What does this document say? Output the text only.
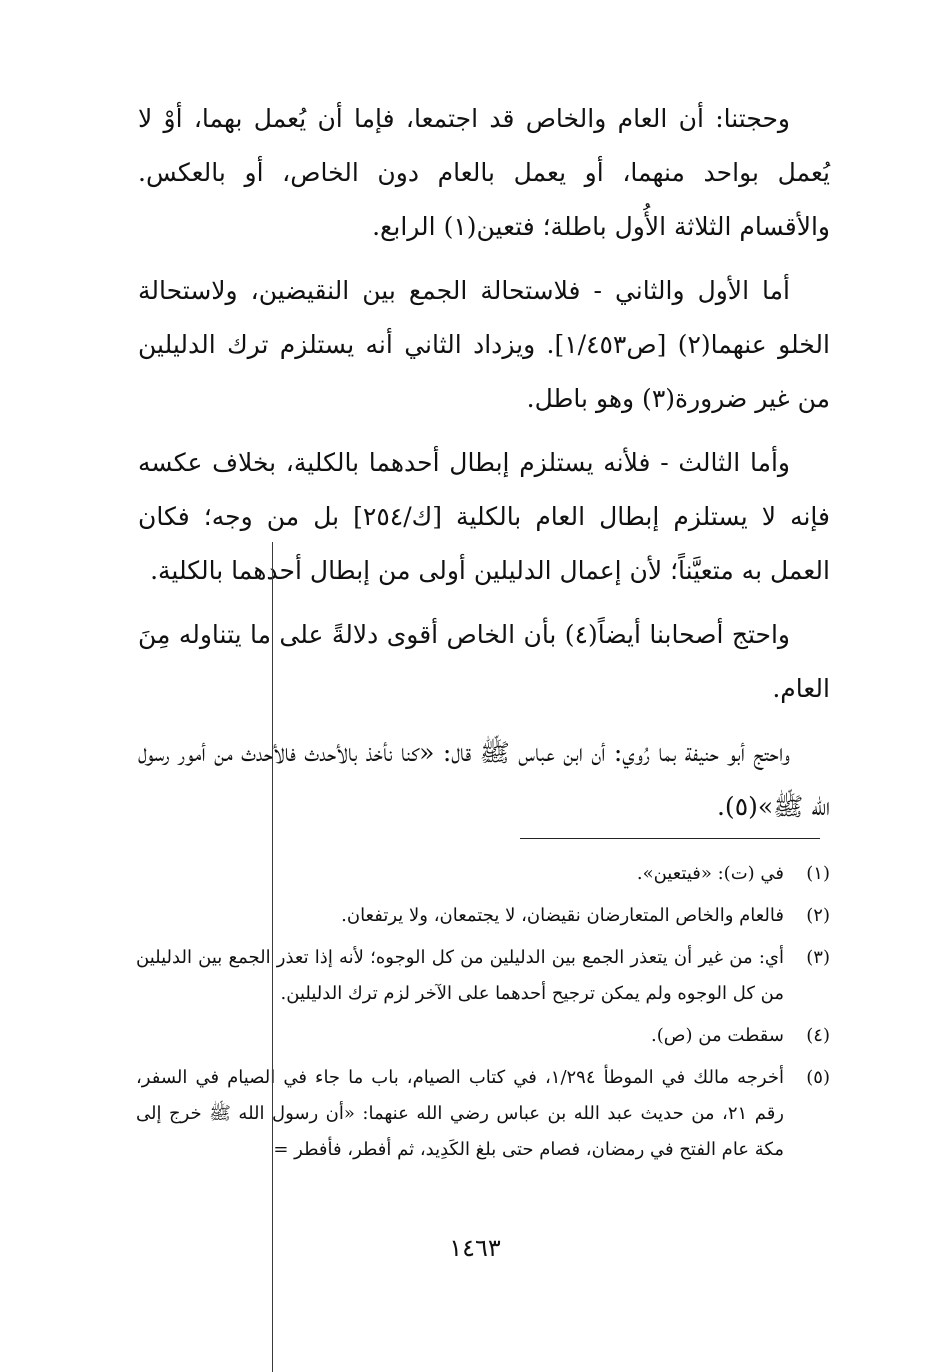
وحجتنا: أن العام والخاص قد اجتمعا، فإما أن يُعمل بهما، أوْ لا يُعمل بواحد منهما، أو يعمل بالعام دون الخاص، أو بالعكس. والأقسام الثلاثة الأُول باطلة؛ فتعين(١) الرابع.

أما الأول والثاني - فلاستحالة الجمع بين النقيضين، ولاستحالة الخلو عنهما(٢) [ص١/٤٥٣]. ويزداد الثاني أنه يستلزم ترك الدليلين من غير ضرورة(٣) وهو باطل.

وأما الثالث - فلأنه يستلزم إبطال أحدهما بالكلية، بخلاف عكسه فإنه لا يستلزم إبطال العام بالكلية [ك/٢٥٤] بل من وجه؛ فكان العمل به متعيَّناً؛ لأن إعمال الدليلين أولى من إبطال أحدهما بالكلية.

واحتج أصحابنا أيضاً(٤) بأن الخاص أقوى دلالةً على ما يتناوله مِنَ العام.

واحتج أبو حنيفة بما رُوي: أن ابن عباس ﷺ قال: «كنا نأخذ بالأحدث فالأحدث من أمور رسول الله ﷺ»(٥).

(١)
في (ت): «فيتعين».
(٢)
فالعام والخاص المتعارضان نقيضان، لا يجتمعان، ولا يرتفعان.
(٣)
أي: من غير أن يتعذر الجمع بين الدليلين من كل الوجوه؛ لأنه إذا تعذر الجمع بين الدليلين من كل الوجوه ولم يمكن ترجيح أحدهما على الآخر لزم ترك الدليلين.
(٤)
سقطت من (ص).
(٥)
أخرجه مالك في الموطأ ١/٢٩٤، في كتاب الصيام، باب ما جاء في الصيام في السفر، رقم ٢١، من حديث عبد الله بن عباس رضي الله عنهما: «أن رسول الله ﷺ خرج إلى مكة عام الفتح في رمضان، فصام حتى بلغ الكَدِيد، ثم أفطر، فأفطر =
١٤٦٣
